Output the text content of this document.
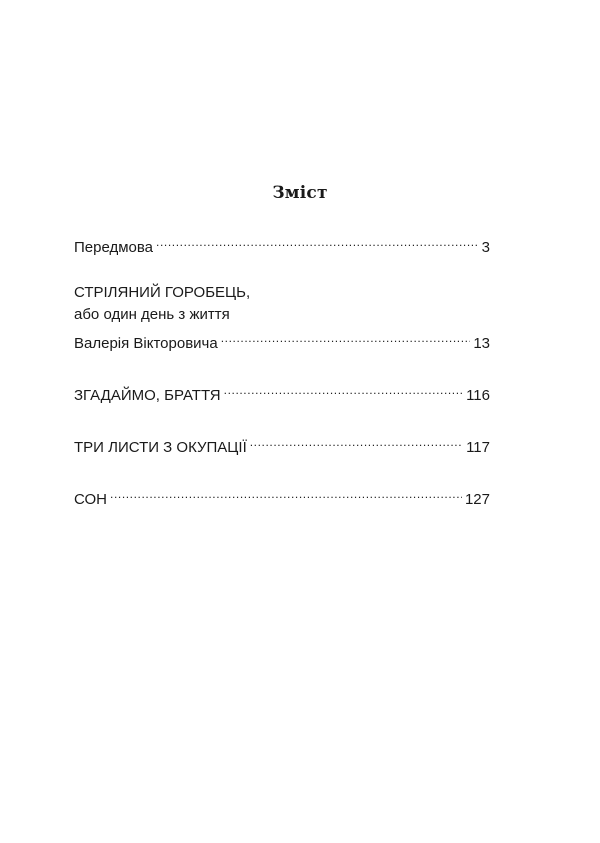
Зміст
Передмова .....	3
СТРІЛЯНИЙ ГОРОБЕЦЬ,
або один день з життя
Валерія Вікторовича .....	13
ЗГАДАЙМО, БРАТТЯ .....	116
ТРИ ЛИСТИ З ОКУПАЦІЇ .....	117
СОН .....	127
